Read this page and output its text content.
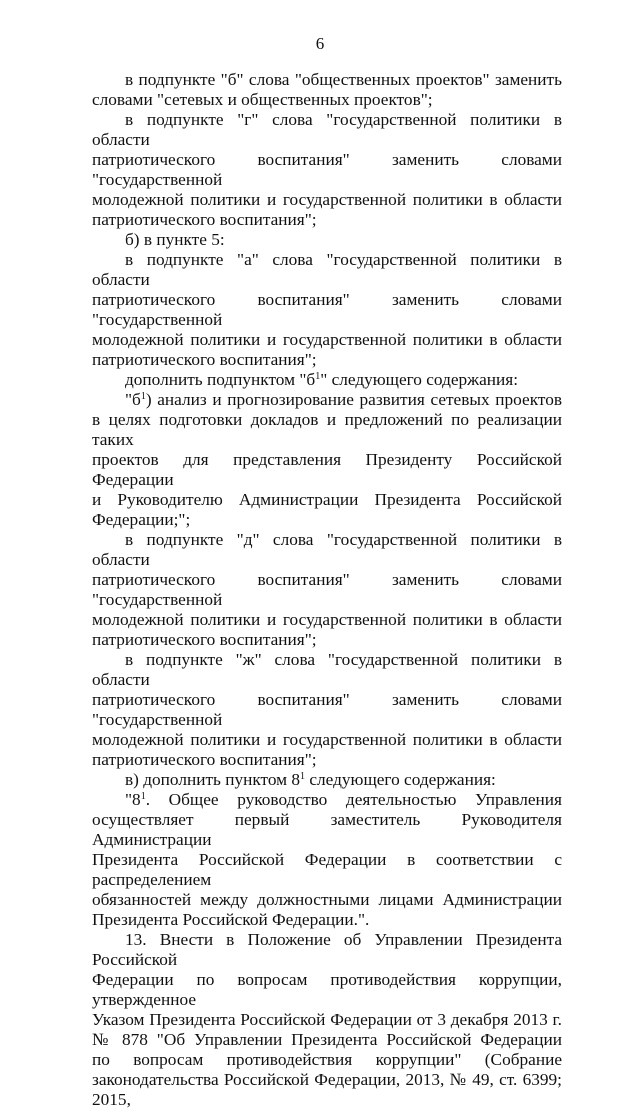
6
в подпункте "б" слова "общественных проектов" заменить
словами "сетевых и общественных проектов";
в подпункте "г" слова "государственной политики в области
патриотического воспитания" заменить словами "государственной
молодежной политики и государственной политики в области
патриотического воспитания";
б) в пункте 5:
в подпункте "а" слова "государственной политики в области
патриотического воспитания" заменить словами "государственной
молодежной политики и государственной политики в области
патриотического воспитания";
дополнить подпунктом "$б^1$" следующего содержания:
"$б^1$) анализ и прогнозирование развития сетевых проектов
в целях подготовки докладов и предложений по реализации таких
проектов для представления Президенту Российской Федерации
и Руководителю Администрации Президента Российской
Федерации;";
в подпункте "д" слова "государственной политики в области
патриотического воспитания" заменить словами "государственной
молодежной политики и государственной политики в области
патриотического воспитания";
в подпункте "ж" слова "государственной политики в области
патриотического воспитания" заменить словами "государственной
молодежной политики и государственной политики в области
патриотического воспитания";
в) дополнить пунктом $8^1$ следующего содержания:
"$8^1$. Общее руководство деятельностью Управления
осуществляет первый заместитель Руководителя Администрации
Президента Российской Федерации в соответствии с распределением
обязанностей между должностными лицами Администрации
Президента Российской Федерации.".
13. Внести в Положение об Управлении Президента Российской
Федерации по вопросам противодействия коррупции, утвержденное
Указом Президента Российской Федерации от 3 декабря 2013 г.
№ 878 "Об Управлении Президента Российской Федерации
по вопросам противодействия коррупции" (Собрание
законодательства Российской Федерации, 2013, № 49, ст. 6399; 2015,
